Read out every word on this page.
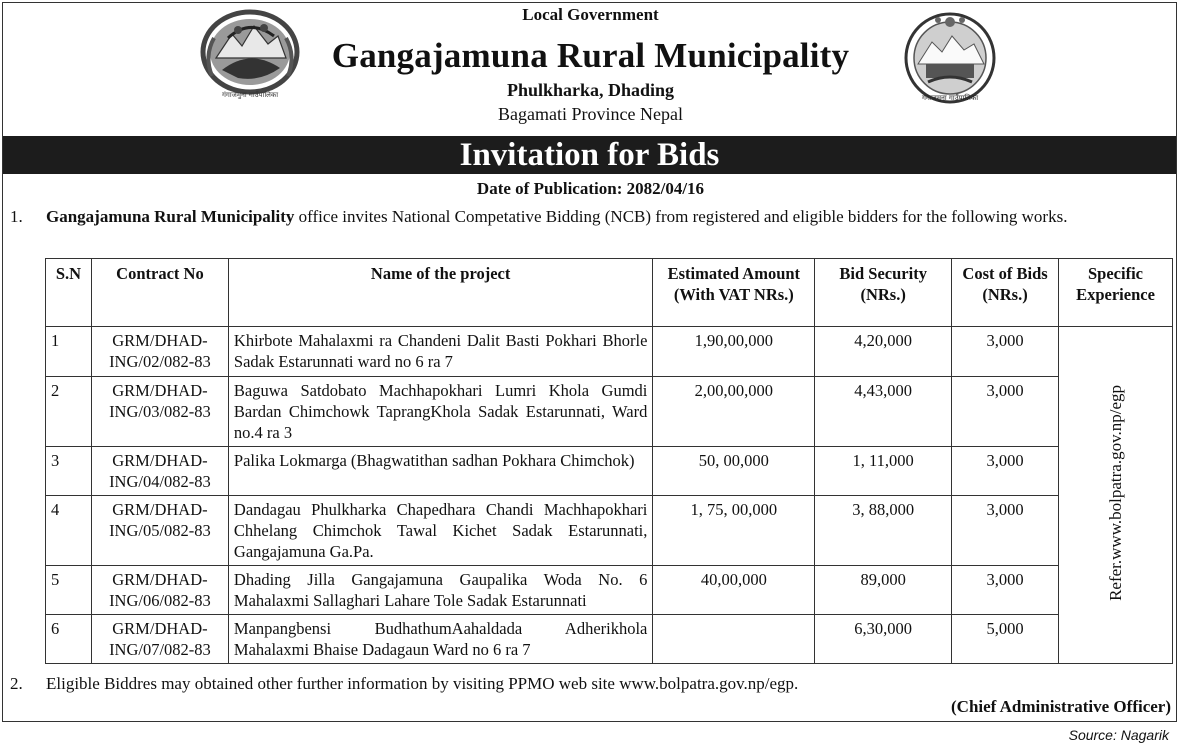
गंगाजमुना गाउँपालिका	गंगाजमुना गाउँपालिका
Local Government
Gangajamuna Rural Municipality
Phulkharka, Dhading
Bagamati Province Nepal
Invitation for Bids
Date of Publication: 2082/04/16
1. Gangajamuna Rural Municipality office invites National Competative Bidding (NCB) from registered and eligible bidders for the following works.
S.N	Contract No	Name of the project	Estimated Amount (With VAT NRs.)	Bid Security (NRs.)	Cost of Bids (NRs.)	Specific Experience
1	GRM/DHAD-ING/02/082-83	Khirbote Mahalaxmi ra Chandeni Dalit Basti Pokhari Bhorle Sadak Estarunnati ward no 6 ra 7	1,90,00,000	4,20,000	3,000	Refer.www.bolpatra.gov.np/egp
2	GRM/DHAD-ING/03/082-83	Baguwa Satdobato Machhapokhari Lumri Khola Gumdi Bardan Chimchowk TaprangKhola Sadak Estarunnati, Ward no.4 ra 3	2,00,00,000	4,43,000	3,000	
3	GRM/DHAD-ING/04/082-83	Palika Lokmarga (Bhagwatithan sadhan Pokhara Chimchok)	50, 00,000	1, 11,000	3,000	
4	GRM/DHAD-ING/05/082-83	Dandagau Phulkharka Chapedhara Chandi Machhapokhari Chhelang Chimchok Tawal Kichet Sadak Estarunnati, Gangajamuna Ga.Pa.	1, 75, 00,000	3, 88,000	3,000	
5	GRM/DHAD-ING/06/082-83	Dhading Jilla Gangajamuna Gaupalika Woda No. 6 Mahalaxmi Sallaghari Lahare Tole Sadak Estarunnati	40,00,000	89,000	3,000	
6	GRM/DHAD-ING/07/082-83	Manpangbensi BudhathumAahaldada Adherikhola Mahalaxmi Bhaise Dadagaun Ward no 6 ra 7		6,30,000	5,000	
2. Eligible Biddres may obtained other further information by visiting PPMO web site www.bolpatra.gov.np/egp.
(Chief Administrative Officer)
Source: Nagarik
